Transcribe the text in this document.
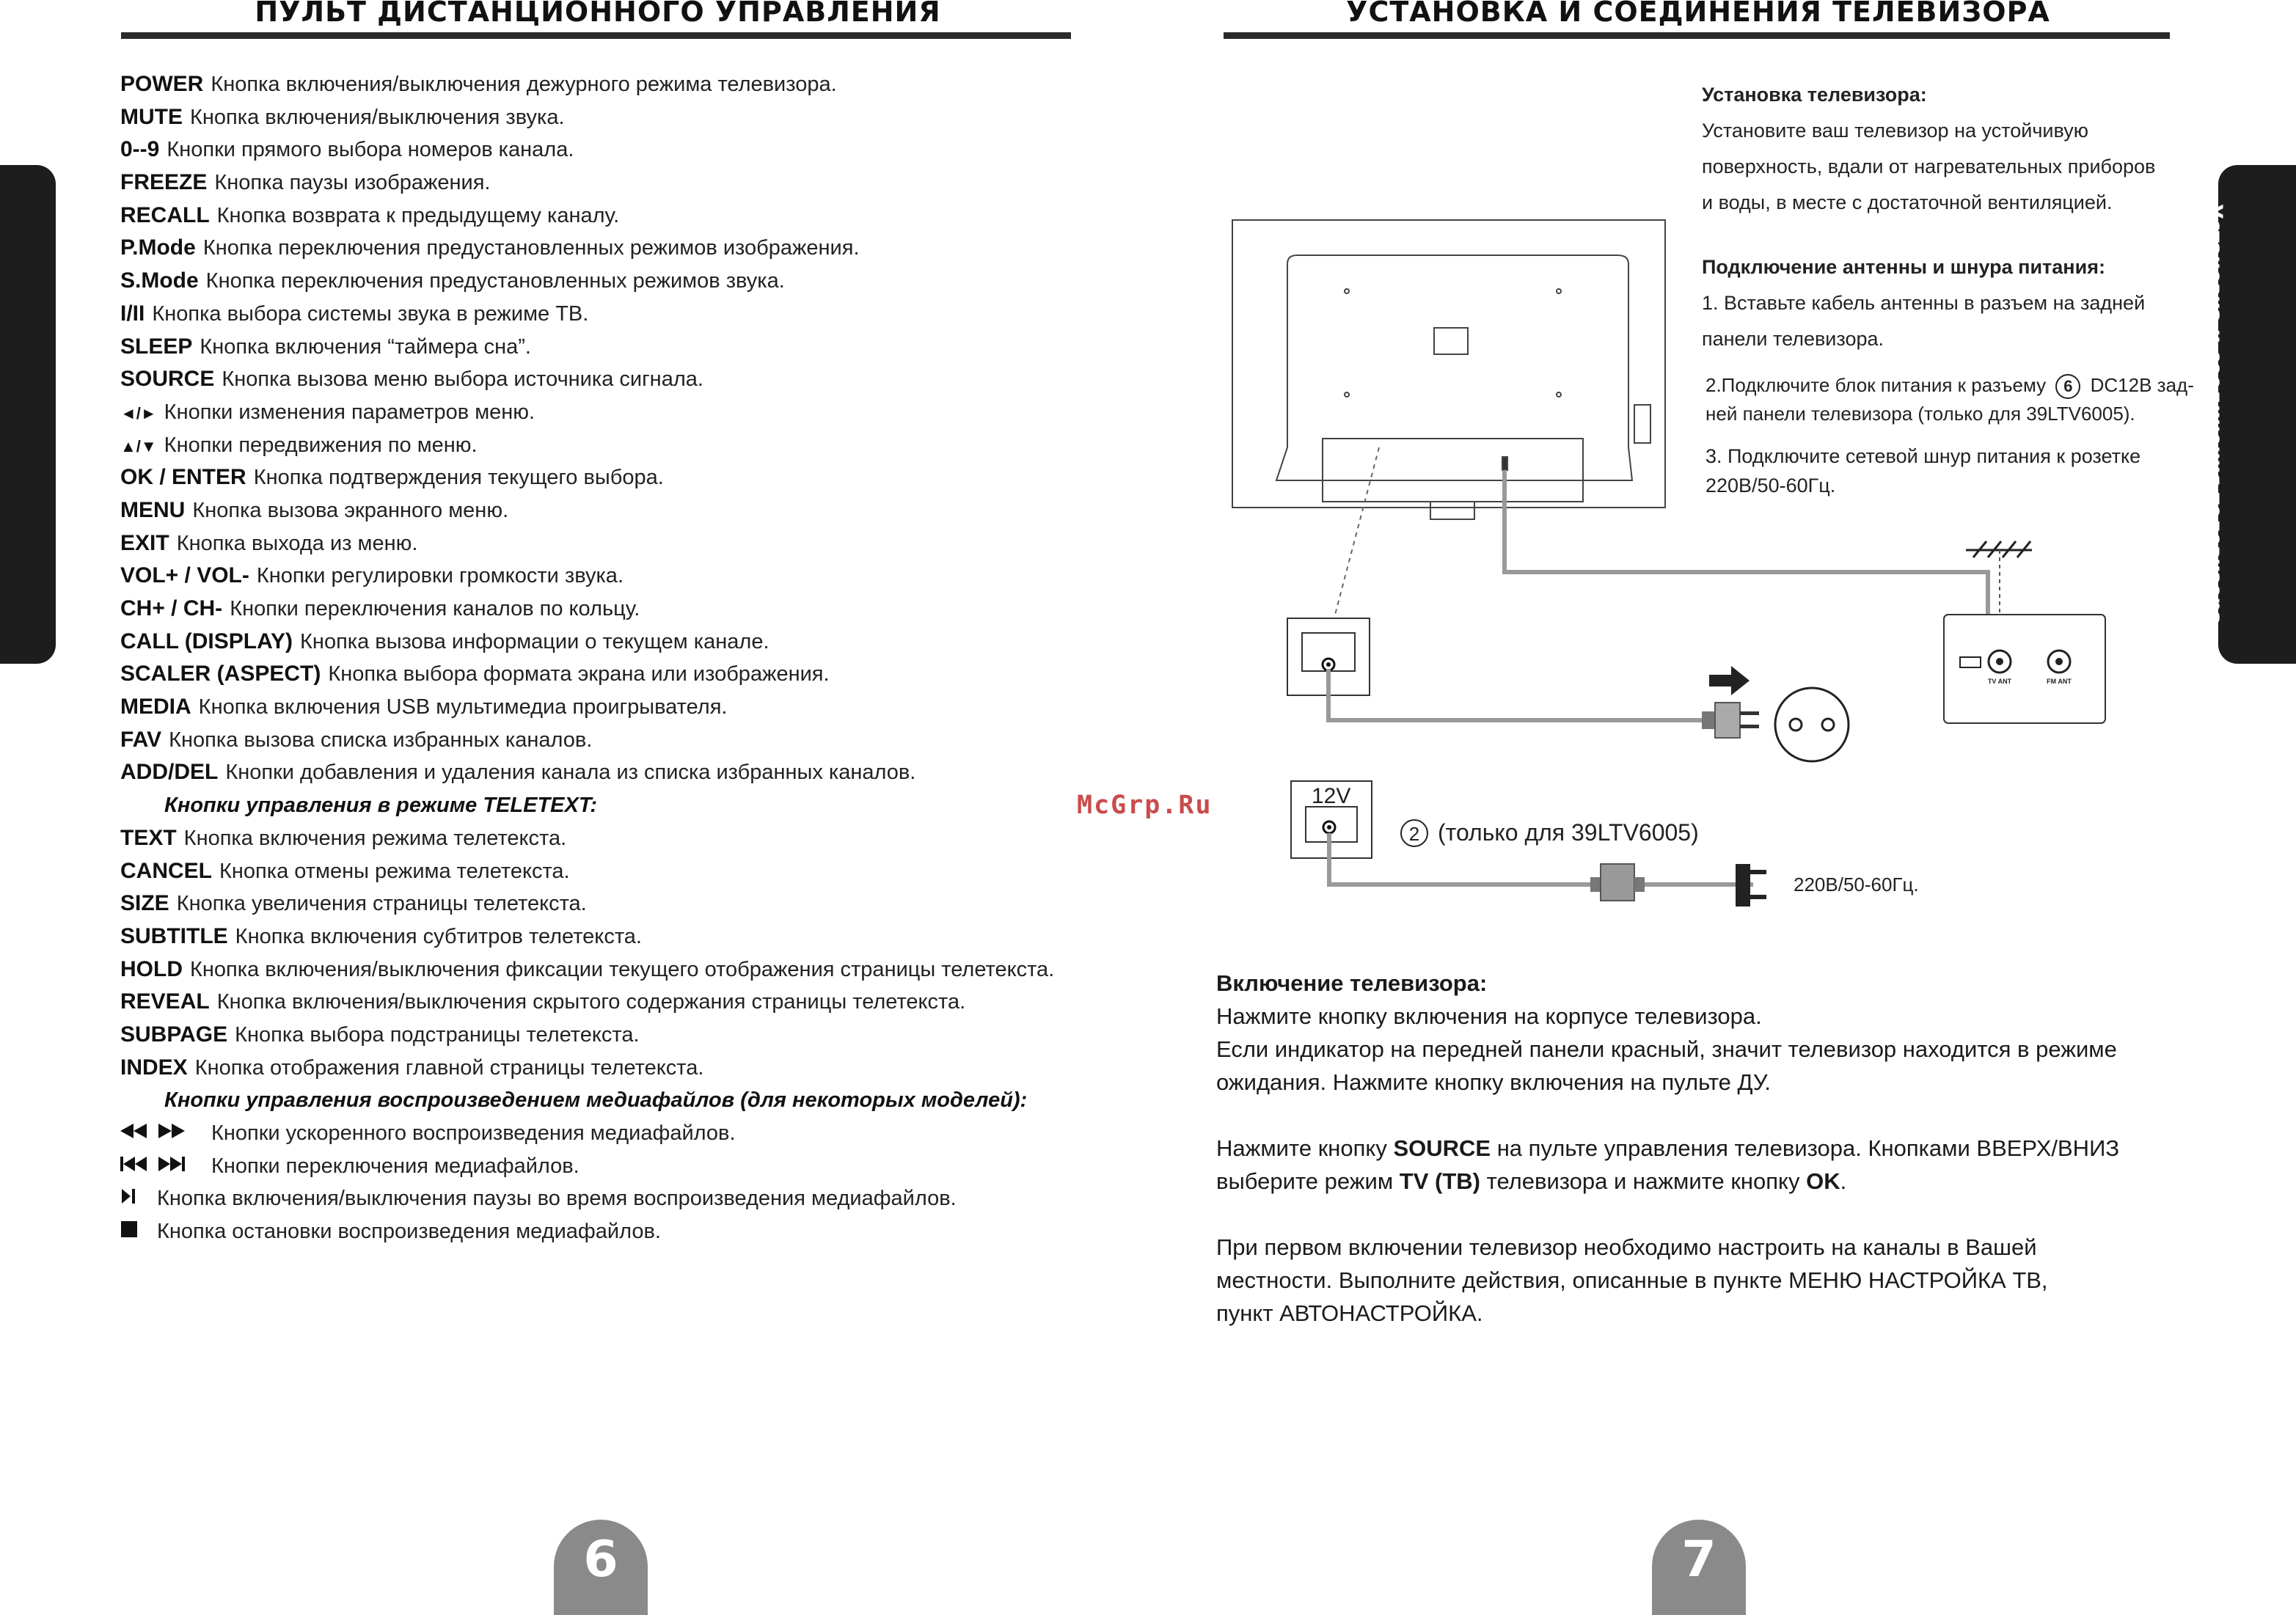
ПУЛЬТ ДИСТАНЦИОННОГО УПРАВЛЕНИЯ
Пульт дистанционного управления
POWER Кнопка включения/выключения дежурного режима телевизора.
MUTE Кнопка включения/выключения звука.
0--9 Кнопки прямого выбора номеров канала.
FREEZE Кнопка паузы изображения.
RECALL Кнопка возврата к предыдущему каналу.
P.Mode Кнопка переключения предустановленных режимов изображения.
S.Mode Кнопка переключения предустановленных режимов звука.
I/II Кнопка выбора системы звука в режиме ТВ.
SLEEP Кнопка включения “таймера сна”.
SOURCE Кнопка вызова меню выбора источника сигнала.
◄/► Кнопки изменения параметров меню.
▲/▼ Кнопки передвижения по меню.
OK / ENTER Кнопка подтверждения текущего выбора.
MENU Кнопка вызова экранного меню.
EXIT Кнопка выхода из меню.
VOL+ / VOL- Кнопки регулировки громкости звука.
CH+ / CH- Кнопки переключения каналов по кольцу.
CALL (DISPLAY) Кнопка вызова информации о текущем канале.
SCALER (ASPECT) Кнопка выбора формата экрана или изображения.
MEDIA Кнопка включения USB мультимедиа проигрывателя.
FAV Кнопка вызова списка избранных каналов.
ADD/DEL Кнопки добавления и удаления канала из списка избранных каналов.
Кнопки управления в режиме TELETEXT:
TEXT Кнопка включения режима телетекста.
CANCEL Кнопка отмены режима телетекста.
SIZE Кнопка увеличения страницы телетекста.
SUBTITLE Кнопка включения субтитров телетекста.
HOLD Кнопка включения/выключения фиксации текущего отображения страницы телетекста.
REVEAL Кнопка включения/выключения скрытого содержания страницы телетекста.
SUBPAGE Кнопка выбора подстраницы телетекста.
INDEX Кнопка отображения главной страницы телетекста.
Кнопки управления воспроизведением медиафайлов (для некоторых моделей):
Кнопки ускоренного воспроизведения медиафайлов.
Кнопки переключения медиафайлов.
Кнопка включения/выключения паузы во время воспроизведения медиафайлов.
Кнопка остановки воспроизведения медиафайлов.
6
McGrp.Ru
УСТАНОВКА И СОЕДИНЕНИЯ ТЕЛЕВИЗОРА
Установка и соединения телевизора
Установка телевизора:
Установите ваш телевизор на устойчивую
поверхность, вдали от нагревательных приборов
и воды, в месте с достаточной вентиляцией.
Подключение антенны и шнура питания:
1. Вставьте кабель антенны в разъем на задней
панели телевизора.
2.Подключите блок питания к разъему 6 DC12В зад-
ней панели телевизора (только для 39LTV6005).
3. Подключите сетевой шнур питания к розетке
220В/50-60Гц.
TV ANT	FM ANT
12V
2 (только для 39LTV6005)
220В/50-60Гц.

Включение телевизора:

Нажмите кнопку включения на корпусе телевизора.

Если индикатор на передней панели красный, значит телевизор находится в режиме

ожидания. Нажмите кнопку включения на пульте ДУ.

Нажмите кнопку SOURCE на пульте управления телевизора. Кнопками ВВЕРХ/ВНИЗ

выберите режим TV (ТВ) телевизора и нажмите кнопку OK.

При первом включении телевизор необходимо настроить на каналы в Вашей

местности. Выполните действия, описанные в пункте МЕНЮ НАСТРОЙКА ТВ,

пункт АВТОНАСТРОЙКА.

7
